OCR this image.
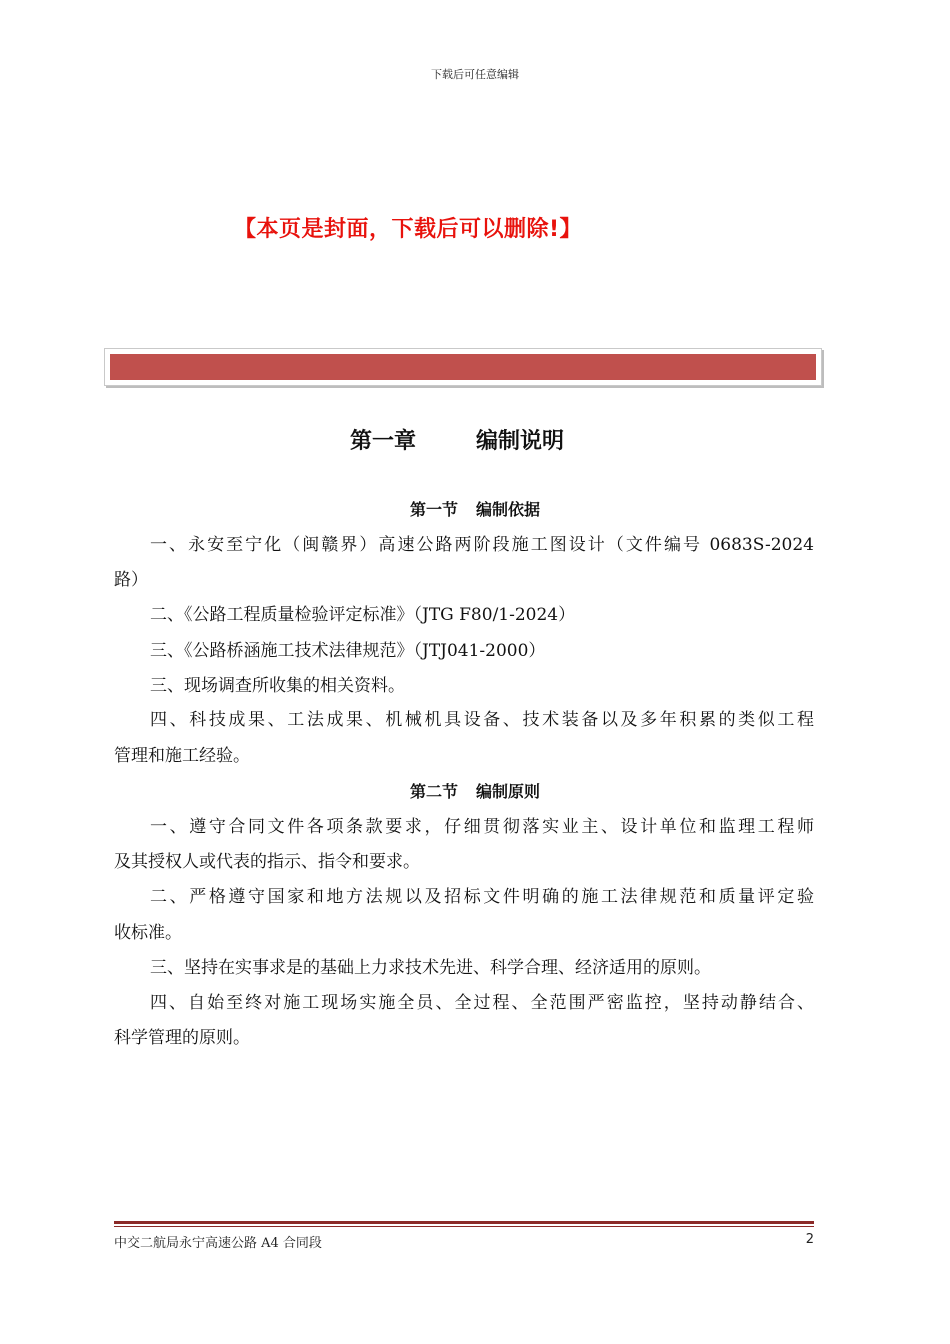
下载后可任意编辑
【本页是封面，下载后可以删除!】
第一章	编制说明
第一节 编制依据
一、永安至宁化（闽赣界）高速公路两阶段施工图设计（文件编号 0683S-2024
路）
二、《公路工程质量检验评定标准》（JTG F80/1-2024）
三、《公路桥涵施工技术法律规范》（JTJ041-2000）
三、现场调查所收集的相关资料。
四、科技成果、工法成果、机械机具设备、技术装备以及多年积累的类似工程
管理和施工经验。
第二节 编制原则
一、遵守合同文件各项条款要求，仔细贯彻落实业主、设计单位和监理工程师
及其授权人或代表的指示、指令和要求。
二、严格遵守国家和地方法规以及招标文件明确的施工法律规范和质量评定验
收标准。
三、坚持在实事求是的基础上力求技术先进、科学合理、经济适用的原则。
四、自始至终对施工现场实施全员、全过程、全范围严密监控，坚持动静结合、
科学管理的原则。
中交二航局永宁高速公路 A4 合同段	2
